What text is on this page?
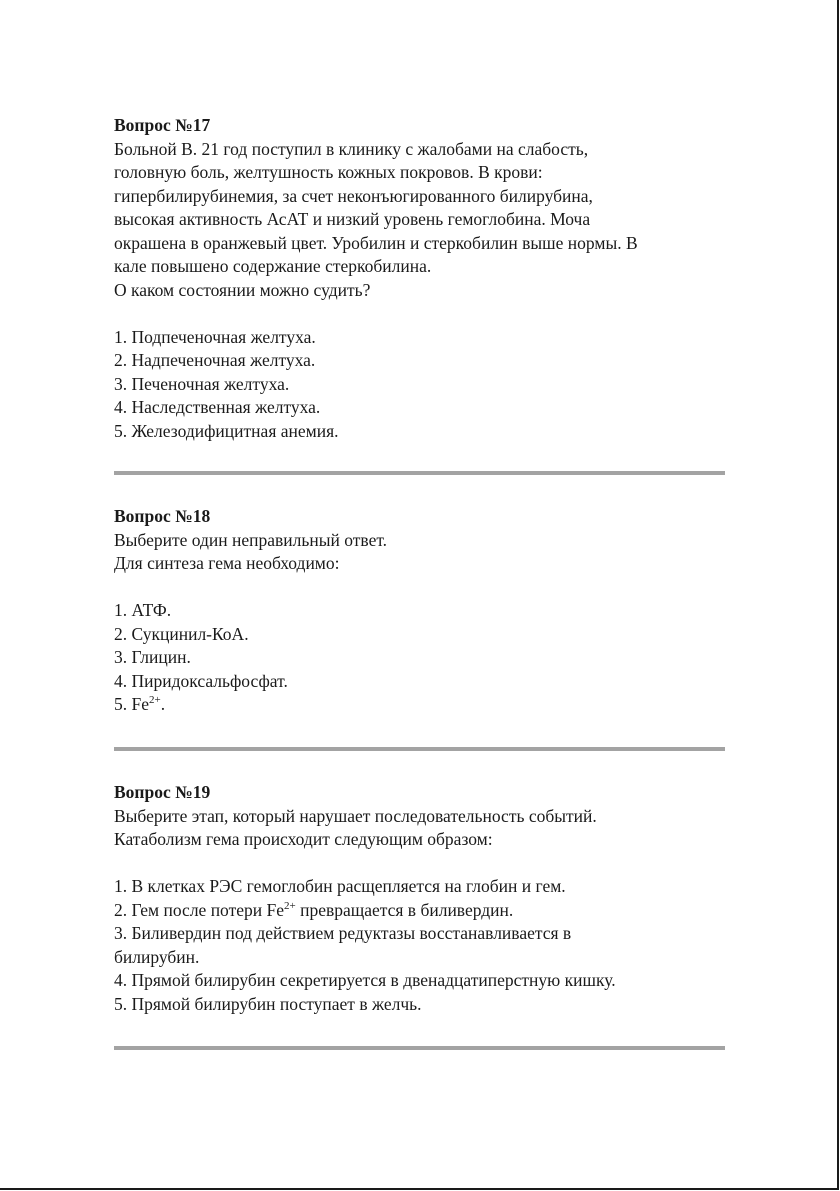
Вопрос №17

Больной В. 21 год поступил в клинику с жалобами на слабость,

головную боль, желтушность кожных покровов. В крови:

гипербилирубинемия, за счет неконъюгированного билирубина,

высокая активность АсАТ и низкий уровень гемоглобина. Моча

окрашена в оранжевый цвет. Уробилин и стеркобилин выше нормы. В

кале повышено содержание стеркобилина.

О каком состоянии можно судить?

1. Подпеченочная желтуха.

2. Надпеченочная желтуха.

3. Печеночная желтуха.

4. Наследственная желтуха.

5. Железодифицитная анемия.

Вопрос №18

Выберите один неправильный ответ.

Для синтеза гема необходимо:

1. АТФ.

2. Сукцинил-КоА.

3. Глицин.

4. Пиридоксальфосфат.

5. $Fe^{2+}$.

Вопрос №19

Выберите этап, который нарушает последовательность событий.

Катаболизм гема происходит следующим образом:

1. В клетках РЭС гемоглобин расщепляется на глобин и гем.

2. Гем после потери $Fe^{2+}$ превращается в биливердин.

3. Биливердин под действием редуктазы восстанавливается в
билирубин.

4. Прямой билирубин секретируется в двенадцатиперстную кишку.

5. Прямой билирубин поступает в желчь.
